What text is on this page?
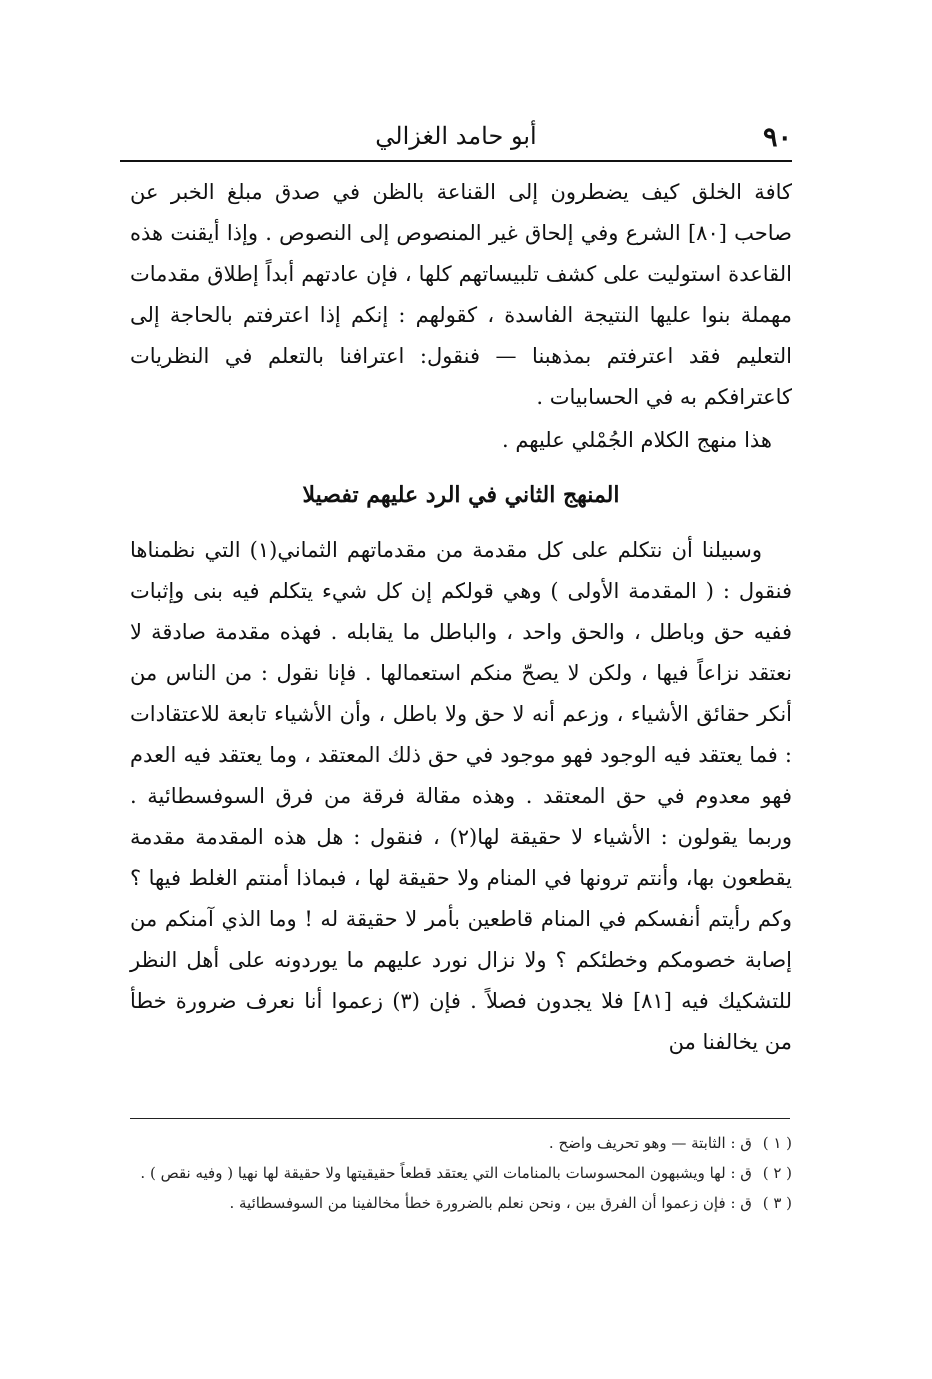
٩٠
أبو حامد الغزالي

كافة الخلق كيف يضطرون إلى القناعة بالظن في صدق مبلغ الخبر عن صاحب [٨٠] الشرع وفي إلحاق غير المنصوص إلى النصوص . وإذا أيقنت هذه القاعدة استوليت على كشف تلبيساتهم كلها ، فإن عادتهم أبداً إطلاق مقدمات مهملة بنوا عليها النتيجة الفاسدة ، كقولهم : إنكم إذا اعترفتم بالحاجة إلى التعليم فقد اعترفتم بمذهبنا — فنقول: اعترافنا بالتعلم في النظريات كاعترافكم به في الحسابيات .

هذا منهج الكلام الجُمْلي عليهم .

المنهج الثاني في الرد عليهم تفصيلا

وسبيلنا أن نتكلم على كل مقدمة من مقدماتهم الثماني(١) التي نظمناها فنقول : ( المقدمة الأولى ) وهي قولكم إن كل شيء يتكلم فيه بنى وإثبات ففيه حق وباطل ، والحق واحد ، والباطل ما يقابله . فهذه مقدمة صادقة لا نعتقد نزاعاً فيها ، ولكن لا يصحّ منكم استعمالها . فإنا نقول : من الناس من أنكر حقائق الأشياء ، وزعم أنه لا حق ولا باطل ، وأن الأشياء تابعة للاعتقادات : فما يعتقد فيه الوجود فهو موجود في حق ذلك المعتقد ، وما يعتقد فيه العدم فهو معدوم في حق المعتقد . وهذه مقالة فرقة من فرق السوفسطائية . وربما يقولون : الأشياء لا حقيقة لها(٢) ، فنقول : هل هذه المقدمة مقدمة يقطعون بها، وأنتم ترونها في المنام ولا حقيقة لها ، فبماذا أمنتم الغلط فيها ؟ وكم رأيتم أنفسكم في المنام قاطعين بأمر لا حقيقة له ! وما الذي آمنكم من إصابة خصومكم وخطئكم ؟ ولا نزال نورد عليهم ما يوردونه على أهل النظر للتشكيك فيه [٨١] فلا يجدون فصلاً . فإن (٣) زعموا أنا نعرف ضرورة خطأ من يخالفنا من

( ١ ) ق : الثابتة — وهو تحريف واضح .

( ٢ ) ق : لها ويشبهون المحسوسات بالمنامات التي يعتقد قطعاً حقيقيتها ولا حقيقة لها نهيا ( وفيه نقص ) .

( ٣ ) ق : فإن زعموا أن الفرق بين ، ونحن نعلم بالضرورة خطأ مخالفينا من السوفسطائية .
